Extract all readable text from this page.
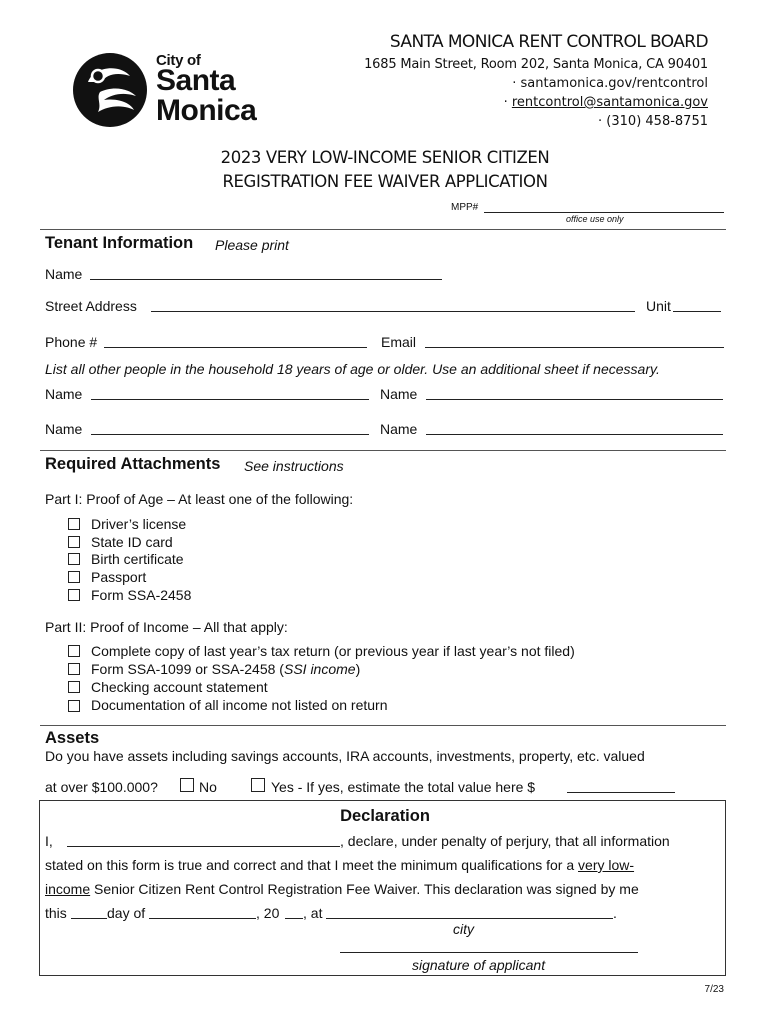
City of
Santa
Monica
SANTA MONICA RENT CONTROL BOARD
1685 Main Street, Room 202, Santa Monica, CA 90401
· santamonica.gov/rentcontrol
· rentcontrol@santamonica.gov
· (310) 458-8751
2023 VERY LOW-INCOME SENIOR CITIZEN
REGISTRATION FEE WAIVER APPLICATION
MPP#
office use only
Tenant Information Please print
Name
Street Address	Unit
Phone #	Email
List all other people in the household 18 years of age or older. Use an additional sheet if necessary.
Name	Name
Name	Name
Required Attachments See instructions
Part I: Proof of Age – At least one of the following:
Driver’s license
State ID card
Birth certificate
Passport
Form SSA-2458
Part II: Proof of Income – All that apply:
Complete copy of last year’s tax return (or previous year if last year’s not filed)
Form SSA-1099 or SSA-2458 (SSI income)
Checking account statement
Documentation of all income not listed on return
Assets
Do you have assets including savings accounts, IRA accounts, investments, property, etc. valued
at over $100.000?	No	Yes - If yes, estimate the total value here $
Declaration
I,	, declare, under penalty of perjury, that all information
stated on this form is true and correct and that I meet the minimum qualifications for a very low-
income Senior Citizen Rent Control Registration Fee Waiver. This declaration was signed by me
this	day of	, 20 , at	.
city
signature of applicant
7/23
